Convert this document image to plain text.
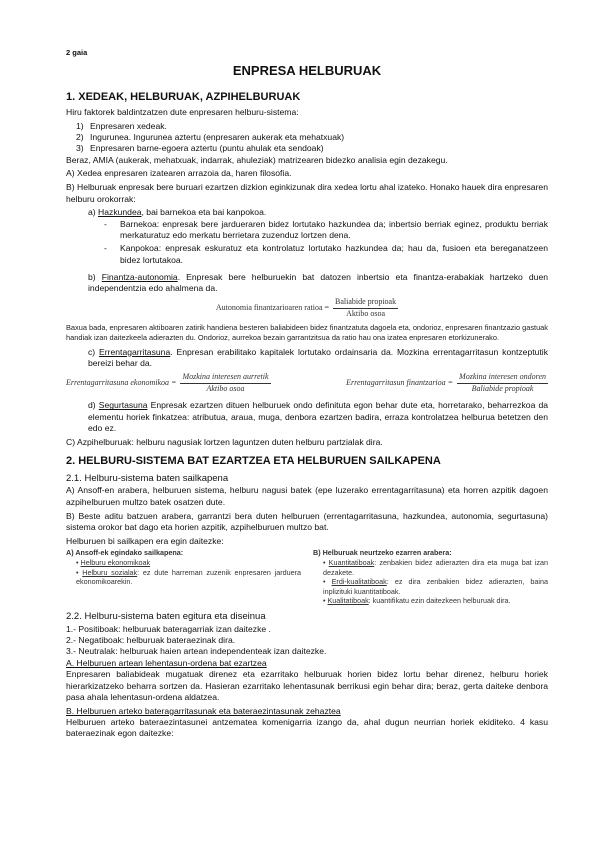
2 gaia
ENPRESA HELBURUAK
1. XEDEAK, HELBURUAK, AZPIHELBURUAK

Hiru faktorek baldintzatzen dute enpresaren helburu-sistema:

1) Enpresaren xedeak.
2) Ingurunea. Ingurunea aztertu (enpresaren aukerak eta mehatxuak)
3) Enpresaren barne-egoera aztertu (puntu ahulak eta sendoak)

Beraz, AMIA (aukerak, mehatxuak, indarrak, ahuleziak) matrizearen bidezko analisia egin dezakegu.

A) Xedea enpresaren izatearen arrazoia da, haren filosofia.

B) Helburuak enpresak bere buruari ezartzen dizkion eginkizunak dira xedea lortu ahal izateko. Honako hauek dira enpresaren helburu orokorrak:

a) Hazkundea, bai barnekoa eta bai kanpokoa.
-	Barnekoa: enpresak bere jardueraren bidez lortutako hazkundea da; inbertsio berriak eginez, produktu berriak merkaturatuz edo merkatu berrietara zuzenduz lortzen dena.
-	Kanpokoa: enpresak eskuratuz eta kontrolatuz lortutako hazkundea da; hau da, fusioen eta bereganatzeen bidez lortutakoa.

b) Finantza-autonomia. Enpresak bere helburuekin bat datozen inbertsio eta finantza-erabakiak hartzeko duen independentzia edo ahalmena da.

Autonomia finantzarioaren ratioa = $\frac{\text{Baliabide propioak}}{\text{Aktibo osoa}}$
Baxua bada, enpresaren aktiboaren zatirik handiena besteren baliabideen bidez finantzatuta dagoela eta, ondorioz, enpresaren finantzazio gastuak handiak izan daitezkeela adierazten du. Ondorioz, aurrekoa bezain garrantzitsua da ratio hau ona izatea enpresaren etorkizunerako.

c) Errentagarritasuna. Enpresan erabilitako kapitalek lortutako ordainsaria da. Mozkina errentagarritasun kontzeptutik bereizi behar da.

Errentagarritasuna ekonomikoa = $\frac{\text{Mozkina interesen aurretik}}{\text{Aktibo osoa}}$	Errentagarritasun finantzarioa = $\frac{\text{Mozkina interesen ondoren}}{\text{Baliabide propioak}}$

d) Segurtasuna Enpresak ezartzen dituen helburuek ondo definituta egon behar dute eta, horretarako, beharrezkoa da elementu horiek finkatzea: atributua, araua, muga, denbora ezartzen badira, erraza kontrolatzea helburua betetzen den edo ez.

C) Azpihelburuak: helburu nagusiak lortzen laguntzen duten helburu partzialak dira.

2. HELBURU-SISTEMA BAT EZARTZEA ETA HELBURUEN SAILKAPENA
2.1. Helburu-sistema baten sailkapena

A) Ansoff-en arabera, helburuen sistema, helburu nagusi batek (epe luzerako errentagarritasuna) eta horren azpitik dagoen azpihelburuen multzo batek osatzen dute.

B) Beste aditu batzuen arabera, garrantzi bera duten helburuen (errentagarritasuna, hazkundea, autonomia, segurtasuna) sistema orokor bat dago eta horien azpitik, azpihelburuen multzo bat.

Helburuen bi sailkapen era egin daitezke:
A) Ansoff-ek egindako sailkapena:
• Helburu ekonomikoak
• Helburu sozialak: ez dute harreman zuzenik enpresaren jarduera ekonomikoarekin.
B) Helburuak neurtzeko ezarren arabera:
• Kuantitatiboak: zenbakien bidez adierazten dira eta muga bat izan dezakete.
• Erdi-kualitatiboak: ez dira zenbakien bidez adierazten, baina inplizituki kuantitatiboak.
• Kualitatiboak: kuantifikatu ezin daitezkeen helburuak dira.
2.2. Helburu-sistema baten egitura eta diseinua
1.- Positiboak: helburuak bateragarriak izan daitezke .
2.- Negatiboak: helburuak bateraezinak dira.
3.- Neutralak: helburuak haien artean independenteak izan daitezke.
A. Helburuen artean lehentasun-ordena bat ezartzea

Enpresaren baliabideak mugatuak direnez eta ezarritako helburuak horien bidez lortu behar direnez, helburu horiek hierarkizatzeko beharra sortzen da. Hasieran ezarritako lehentasunak berrikusi egin behar dira; beraz, gerta daiteke denbora pasa ahala lehentasun-ordena aldatzea.

B. Helburuen arteko bateragarritasunak eta bateraezintasunak zehaztea

Helburuen arteko bateraezintasunei antzematea komenigarria izango da, ahal dugun neurrian horiek ekiditeko. 4 kasu bateraezinak egon daitezke:
